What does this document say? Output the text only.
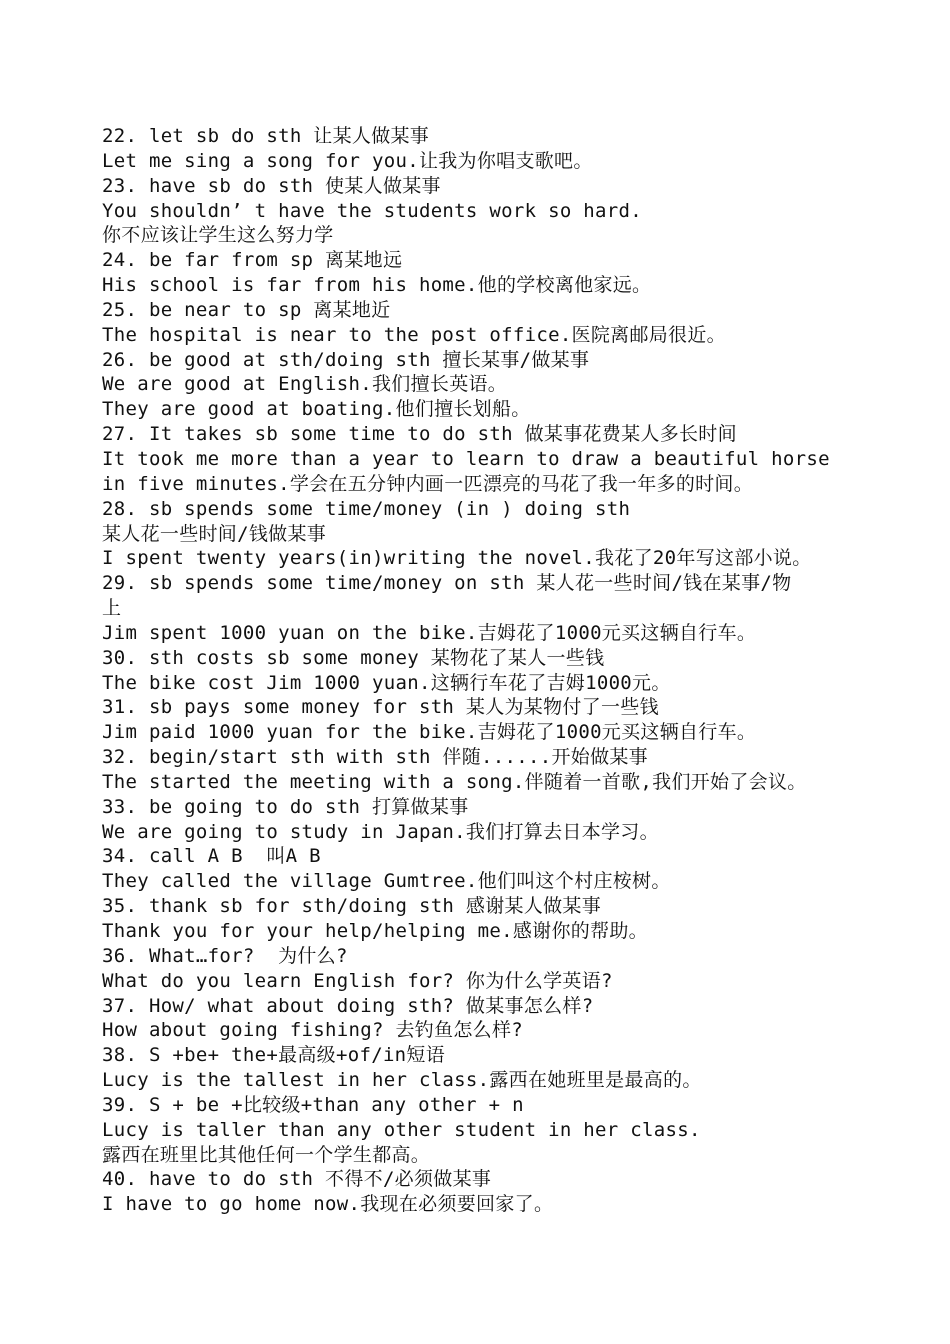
22. let sb do sth 让某人做某事
Let me sing a song for you.让我为你唱支歌吧。
23. have sb do sth 使某人做某事
You shouldn’ t have the students work so hard.
你不应该让学生这么努力学
24. be far from sp 离某地远
His school is far from his home.他的学校离他家远。
25. be near to sp 离某地近
The hospital is near to the post office.医院离邮局很近。
26. be good at sth/doing sth 擅长某事/做某事
We are good at English.我们擅长英语。
They are good at boating.他们擅长划船。
27. It takes sb some time to do sth 做某事花费某人多长时间
It took me more than a year to learn to draw a beautiful horse
in five minutes.学会在五分钟内画一匹漂亮的马花了我一年多的时间。
28. sb spends some time/money (in ) doing sth
某人花一些时间/钱做某事
I spent twenty years(in)writing the novel.我花了20年写这部小说。
29. sb spends some time/money on sth 某人花一些时间/钱在某事/物
上
Jim spent 1000 yuan on the bike.吉姆花了1000元买这辆自行车。
30. sth costs sb some money 某物花了某人一些钱
The bike cost Jim 1000 yuan.这辆行车花了吉姆1000元。
31. sb pays some money for sth 某人为某物付了一些钱
Jim paid 1000 yuan for the bike.吉姆花了1000元买这辆自行车。
32. begin/start sth with sth 伴随......开始做某事
The started the meeting with a song.伴随着一首歌,我们开始了会议。
33. be going to do sth 打算做某事
We are going to study in Japan.我们打算去日本学习。
34. call A B  叫A B
They called the village Gumtree.他们叫这个村庄桉树。
35. thank sb for sth/doing sth 感谢某人做某事
Thank you for your help/helping me.感谢你的帮助。
36. What…for?  为什么?
What do you learn English for? 你为什么学英语?
37. How/ what about doing sth? 做某事怎么样?
How about going fishing? 去钓鱼怎么样?
38. S +be+ the+最高级+of/in短语
Lucy is the tallest in her class.露西在她班里是最高的。
39. S + be +比较级+than any other + n
Lucy is taller than any other student in her class.
露西在班里比其他任何一个学生都高。
40. have to do sth 不得不/必须做某事
I have to go home now.我现在必须要回家了。
